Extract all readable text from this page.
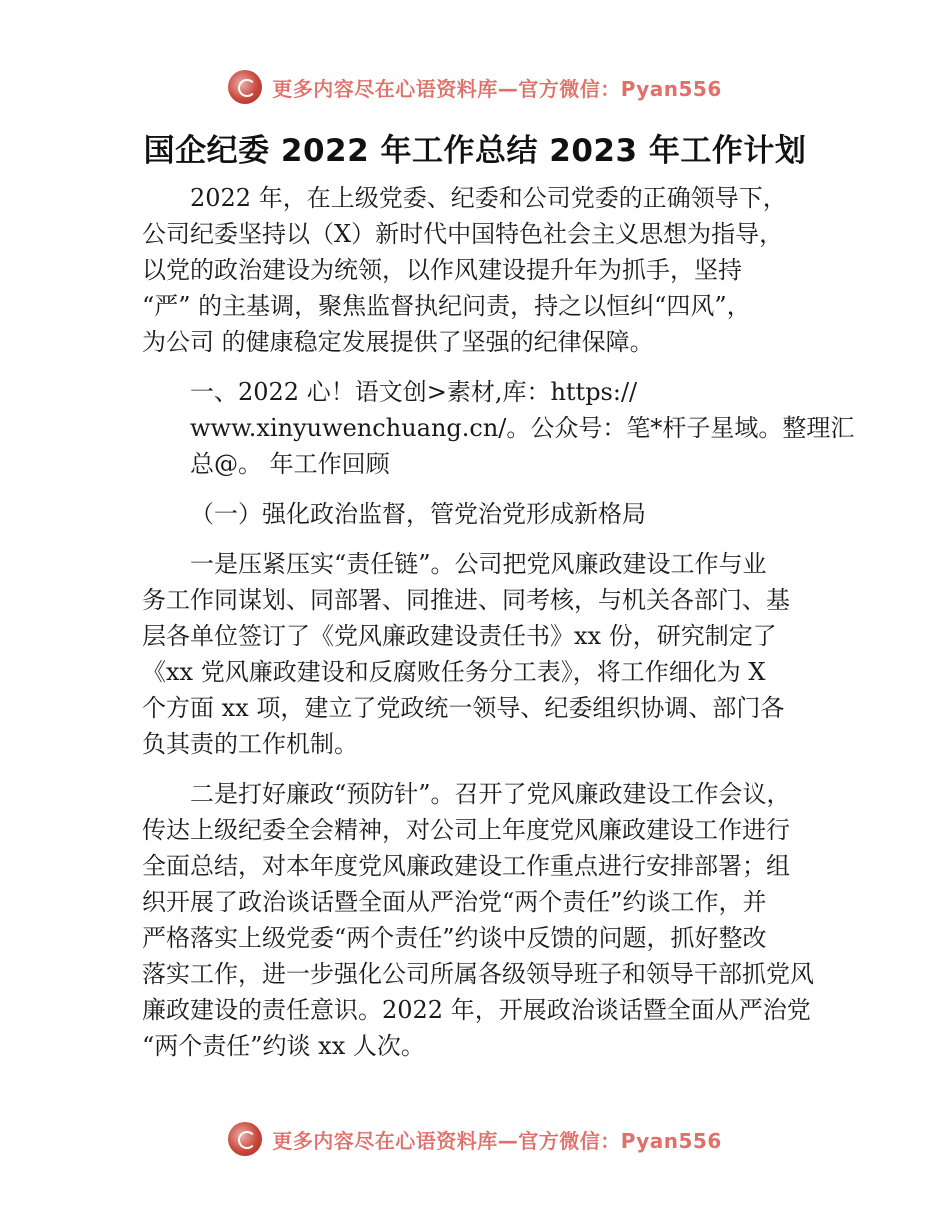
更多内容尽在心语资料库—官方微信：Pyan556
国企纪委 2022 年工作总结 2023 年工作计划
2022 年，在上级党委、纪委和公司党委的正确领导下，
公司纪委坚持以（X）新时代中国特色社会主义思想为指导，
以党的政治建设为统领，以作风建设提升年为抓手，坚持
“严” 的主基调，聚焦监督执纪问责，持之以恒纠“四风”，
为公司 的健康稳定发展提供了坚强的纪律保障。
一、2022 心！语文创>素材,库：https://
www.xinyuwenchuang.cn/。公众号：笔*杆子星域。整理汇
总@。 年工作回顾
（一）强化政治监督，管党治党形成新格局
一是压紧压实“责任链”。公司把党风廉政建设工作与业
务工作同谋划、同部署、同推进、同考核，与机关各部门、基
层各单位签订了《党风廉政建设责任书》xx 份，研究制定了
《xx 党风廉政建设和反腐败任务分工表》，将工作细化为 X
个方面 xx 项，建立了党政统一领导、纪委组织协调、部门各
负其责的工作机制。
二是打好廉政“预防针”。召开了党风廉政建设工作会议，
传达上级纪委全会精神，对公司上年度党风廉政建设工作进行
全面总结，对本年度党风廉政建设工作重点进行安排部署；组
织开展了政治谈话暨全面从严治党“两个责任”约谈工作，并
严格落实上级党委“两个责任”约谈中反馈的问题，抓好整改
落实工作，进一步强化公司所属各级领导班子和领导干部抓党风
廉政建设的责任意识。2022 年，开展政治谈话暨全面从严治党
“两个责任”约谈 xx 人次。
更多内容尽在心语资料库—官方微信：Pyan556
